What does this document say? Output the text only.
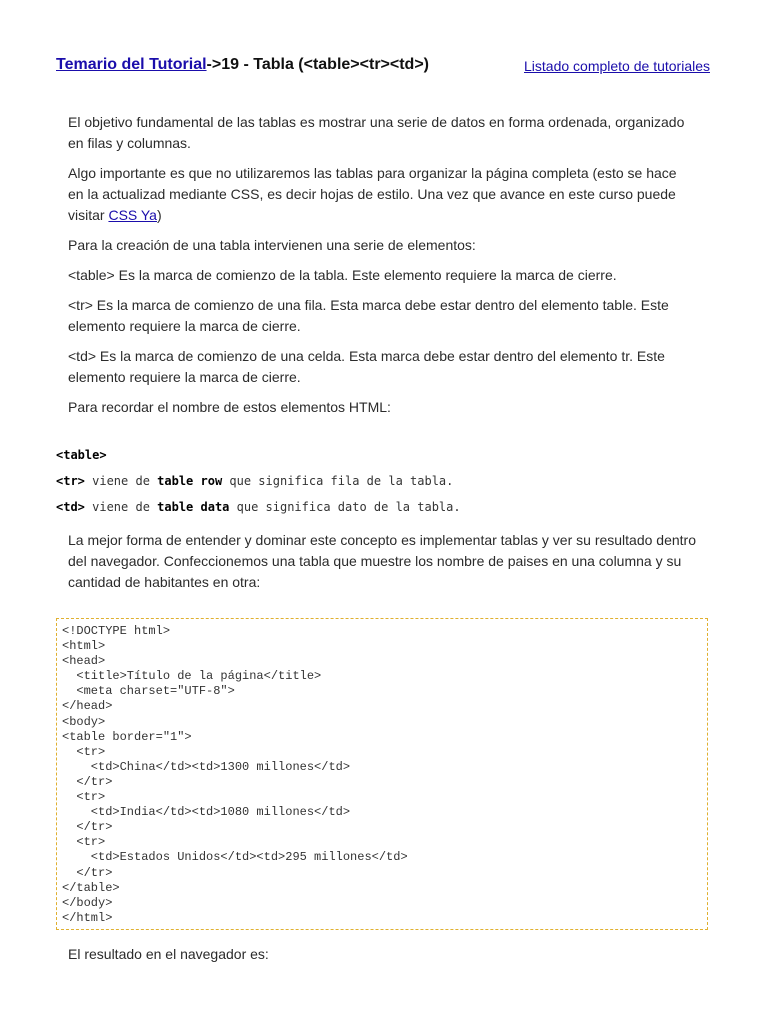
Temario del Tutorial->19 - Tabla (<table><tr><td>)	Listado completo de tutoriales

El objetivo fundamental de las tablas es mostrar una serie de datos en forma ordenada, organizado en filas y columnas.

Algo importante es que no utilizaremos las tablas para organizar la página completa (esto se hace en la actualizad mediante CSS, es decir hojas de estilo. Una vez que avance en este curso puede visitar CSS Ya)

Para la creación de una tabla intervienen una serie de elementos:

<table> Es la marca de comienzo de la tabla. Este elemento requiere la marca de cierre.

<tr> Es la marca de comienzo de una fila. Esta marca debe estar dentro del elemento table. Este elemento requiere la marca de cierre.

<td> Es la marca de comienzo de una celda. Esta marca debe estar dentro del elemento tr. Este elemento requiere la marca de cierre.

Para recordar el nombre de estos elementos HTML:

<table>
<tr> viene de table row que significa fila de la tabla.
<td> viene de table data que significa dato de la tabla.

La mejor forma de entender y dominar este concepto es implementar tablas y ver su resultado dentro del navegador. Confeccionemos una tabla que muestre los nombre de paises en una columna y su cantidad de habitantes en otra:

<!DOCTYPE html>
<html>
<head>
<title>Título de la página</title>
<meta charset="UTF-8">
</head>
<body>
<table border="1">
<tr>
<td>China</td><td>1300 millones</td>
</tr>
<tr>
<td>India</td><td>1080 millones</td>
</tr>
<tr>
<td>Estados Unidos</td><td>295 millones</td>
</tr>
</table>
</body>
</html>
El resultado en el navegador es:
